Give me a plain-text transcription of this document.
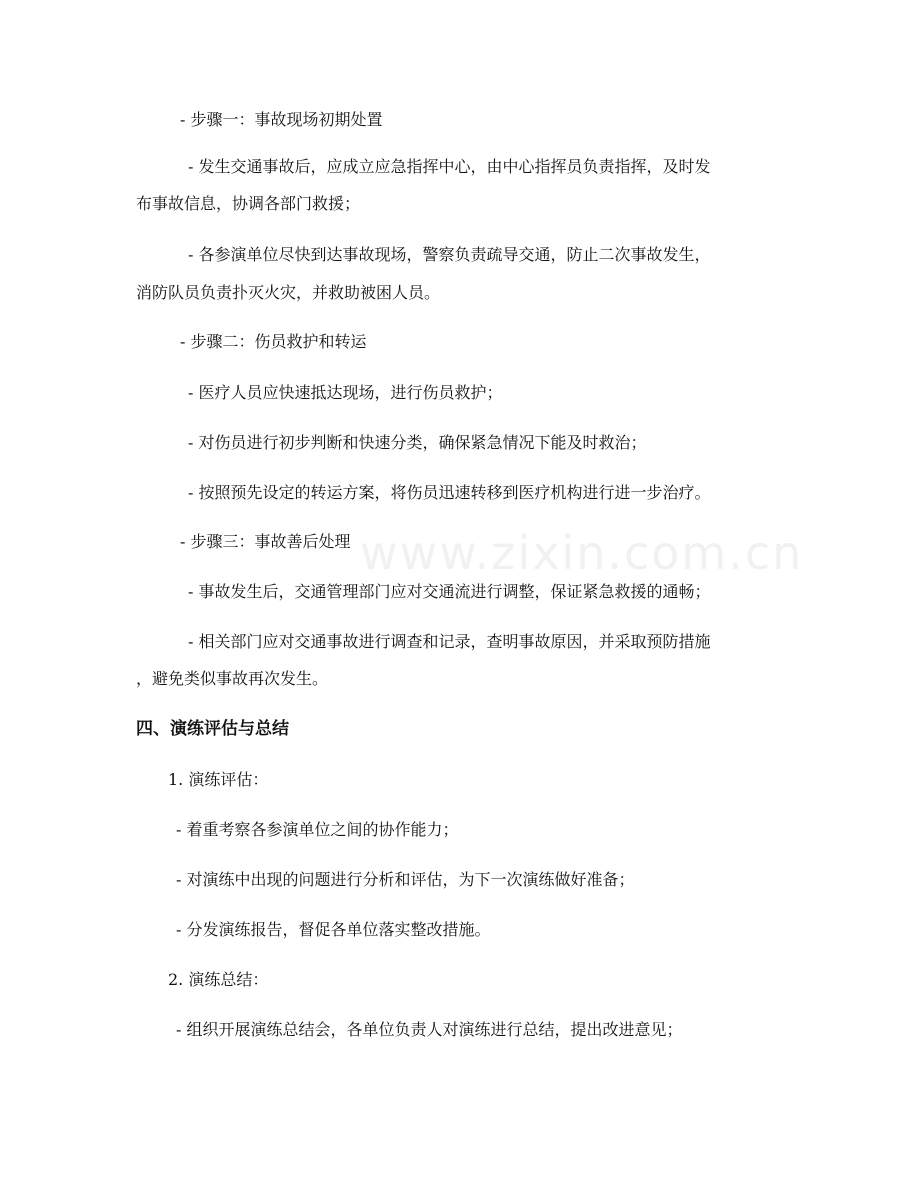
www.zixin.com.cn
- 步骤一：事故现场初期处置
- 发生交通事故后，应成立应急指挥中心，由中心指挥员负责指挥，及时发
布事故信息，协调各部门救援；
- 各参演单位尽快到达事故现场，警察负责疏导交通，防止二次事故发生，
消防队员负责扑灭火灾，并救助被困人员。
- 步骤二：伤员救护和转运
- 医疗人员应快速抵达现场，进行伤员救护；
- 对伤员进行初步判断和快速分类，确保紧急情况下能及时救治；
- 按照预先设定的转运方案，将伤员迅速转移到医疗机构进行进一步治疗。
- 步骤三：事故善后处理
- 事故发生后，交通管理部门应对交通流进行调整，保证紧急救援的通畅；
- 相关部门应对交通事故进行调查和记录，查明事故原因，并采取预防措施
，避免类似事故再次发生。
四、演练评估与总结
1. 演练评估：
- 着重考察各参演单位之间的协作能力；
- 对演练中出现的问题进行分析和评估，为下一次演练做好准备；
- 分发演练报告，督促各单位落实整改措施。
2. 演练总结：
- 组织开展演练总结会，各单位负责人对演练进行总结，提出改进意见；
